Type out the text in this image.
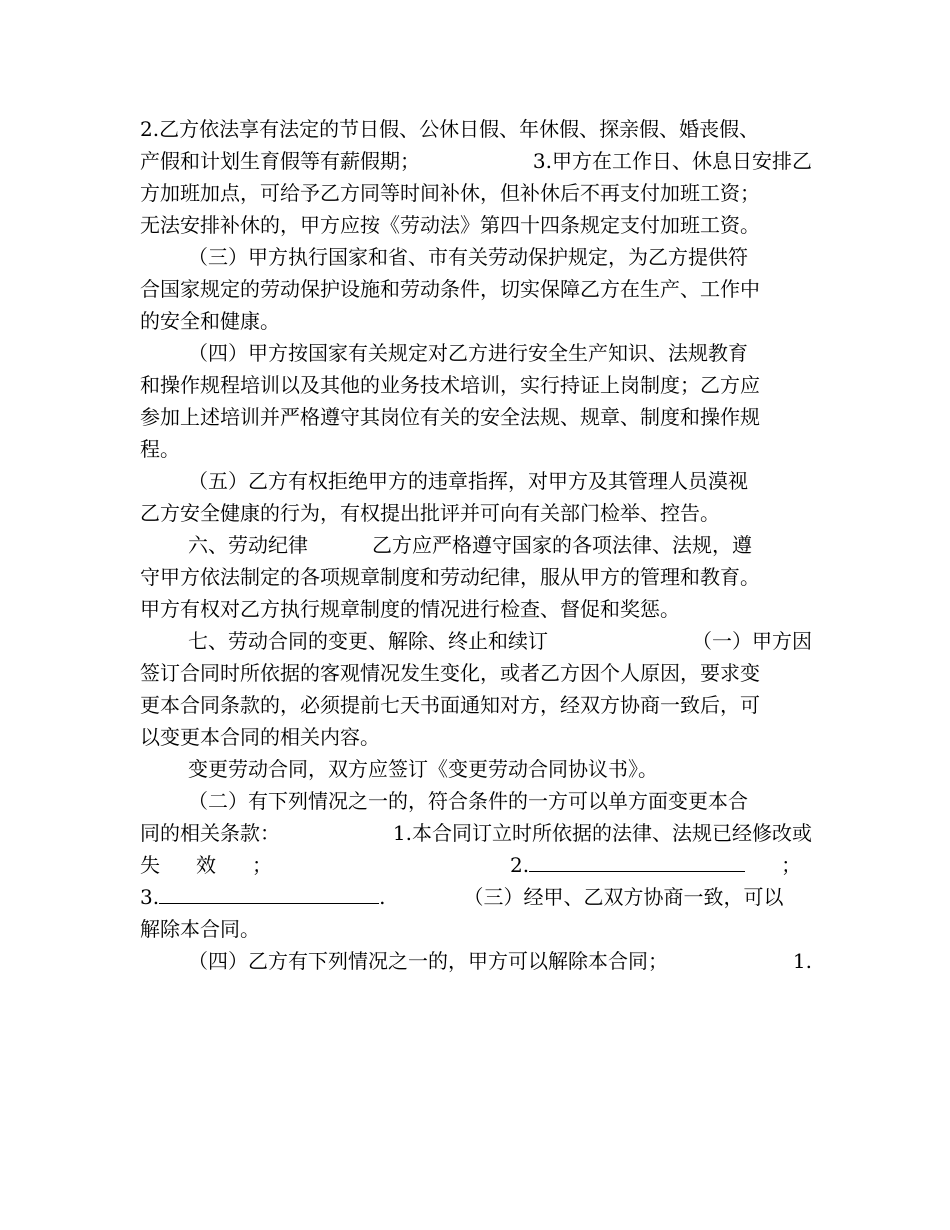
2.乙方依法享有法定的节日假、公休日假、年休假、探亲假、婚丧假、
产假和计划生育假等有薪假期；	3.甲方在工作日、休息日安排乙
方加班加点，可给予乙方同等时间补休，但补休后不再支付加班工资；
无法安排补休的，甲方应按《劳动法》第四十四条规定支付加班工资。
（三）甲方执行国家和省、市有关劳动保护规定，为乙方提供符
合国家规定的劳动保护设施和劳动条件，切实保障乙方在生产、工作中
的安全和健康。
（四）甲方按国家有关规定对乙方进行安全生产知识、法规教育
和操作规程培训以及其他的业务技术培训，实行持证上岗制度；乙方应
参加上述培训并严格遵守其岗位有关的安全法规、规章、制度和操作规
程。
（五）乙方有权拒绝甲方的违章指挥，对甲方及其管理人员漠视
乙方安全健康的行为，有权提出批评并可向有关部门检举、控告。
六、劳动纪律	乙方应严格遵守国家的各项法律、法规，遵
守甲方依法制定的各项规章制度和劳动纪律，服从甲方的管理和教育。
甲方有权对乙方执行规章制度的情况进行检查、督促和奖惩。
七、劳动合同的变更、解除、终止和续订	（一）甲方因
签订合同时所依据的客观情况发生变化，或者乙方因个人原因，要求变
更本合同条款的，必须提前七天书面通知对方，经双方协商一致后，可
以变更本合同的相关内容。
变更劳动合同，双方应签订《变更劳动合同协议书》。
（二）有下列情况之一的，符合条件的一方可以单方面变更本合
同的相关条款：	1.本合同订立时所依据的法律、法规已经修改或
失 效 ；	2.	；
3.	.	（三）经甲、乙双方协商一致，可以
解除本合同。
（四）乙方有下列情况之一的，甲方可以解除本合同；	1.
